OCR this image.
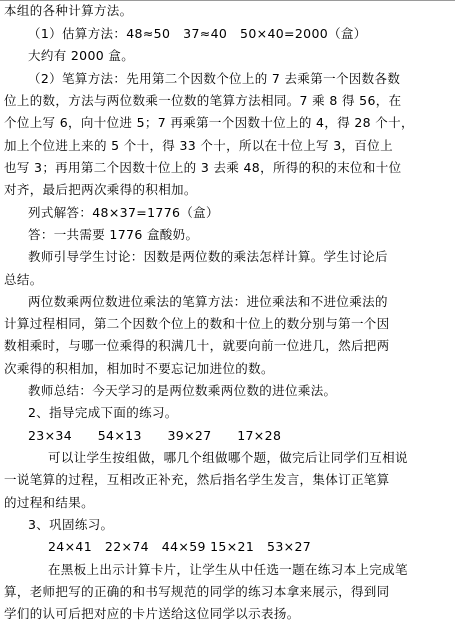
本组的各种计算方法。
（1）估算方法：48≈50　37≈40　50×40=2000（盒）
大约有 2000 盒。
（2）笔算方法：先用第二个因数个位上的 7 去乘第一个因数各数
位上的数，方法与两位数乘一位数的笔算方法相同。7 乘 8 得 56，在
个位上写 6，向十位进 5；7 再乘第一个因数十位上的 4，得 28 个十，
加上个位进上来的 5 个十，得 33 个十，所以在十位上写 3，百位上
也写 3；再用第二个因数十位上的 3 去乘 48，所得的积的末位和十位
对齐，最后把两次乘得的积相加。
列式解答：48×37=1776（盒）
答：一共需要 1776 盒酸奶。
教师引导学生讨论：因数是两位数的乘法怎样计算。学生讨论后
总结。
两位数乘两位数进位乘法的笔算方法：进位乘法和不进位乘法的
计算过程相同，第二个因数个位上的数和十位上的数分别与第一个因
数相乘时，与哪一位乘得的积满几十，就要向前一位进几，然后把两
次乘得的积相加，相加时不要忘记加进位的数。
教师总结：今天学习的是两位数乘两位数的进位乘法。
2、指导完成下面的练习。
23×34　　54×13　　39×27　　17×28
可以让学生按组做，哪几个组做哪个题，做完后让同学们互相说
一说笔算的过程，互相改正补充，然后指名学生发言，集体订正笔算
的过程和结果。
3、巩固练习。
24×41　22×74　44×59 15×21　53×27
在黑板上出示计算卡片，让学生从中任选一题在练习本上完成笔
算，老师把写的正确的和书写规范的同学的练习本拿来展示，得到同
学们的认可后把对应的卡片送给这位同学以示表扬。
